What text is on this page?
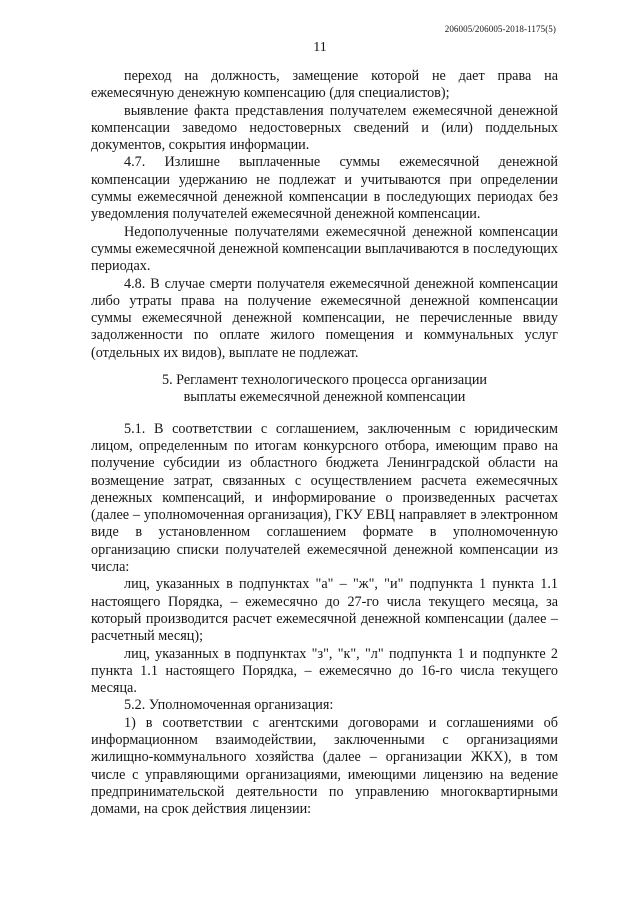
206005/206005-2018-1175(5)
11

переход на должность, замещение которой не дает права на ежемесячную денежную компенсацию (для специалистов);

выявление факта представления получателем ежемесячной денежной компенсации заведомо недостоверных сведений и (или) поддельных документов, сокрытия информации.

4.7. Излишне выплаченные суммы ежемесячной денежной компенсации удержанию не подлежат и учитываются при определении суммы ежемесячной денежной компенсации в последующих периодах без уведомления получателей ежемесячной денежной компенсации.

Недополученные получателями ежемесячной денежной компенсации суммы ежемесячной денежной компенсации выплачиваются в последующих периодах.

4.8. В случае смерти получателя ежемесячной денежной компенсации либо утраты права на получение ежемесячной денежной компенсации суммы ежемесячной денежной компенсации, не перечисленные ввиду задолженности по оплате жилого помещения и коммунальных услуг (отдельных их видов), выплате не подлежат.

5. Регламент технологического процесса организации
выплаты ежемесячной денежной компенсации

5.1. В соответствии с соглашением, заключенным с юридическим лицом, определенным по итогам конкурсного отбора, имеющим право на получение субсидии из областного бюджета Ленинградской области на возмещение затрат, связанных с осуществлением расчета ежемесячных денежных компенсаций, и информирование о произведенных расчетах (далее – уполномоченная организация), ГКУ ЕВЦ направляет в электронном виде в установленном соглашением формате в уполномоченную организацию списки получателей ежемесячной денежной компенсации из числа:

лиц, указанных в подпунктах "а" – "ж", "и" подпункта 1 пункта 1.1 настоящего Порядка, – ежемесячно до 27-го числа текущего месяца, за который производится расчет ежемесячной денежной компенсации (далее – расчетный месяц);

лиц, указанных в подпунктах "з", "к", "л" подпункта 1 и подпункте 2 пункта 1.1 настоящего Порядка, – ежемесячно до 16-го числа текущего месяца.

5.2. Уполномоченная организация:

1) в соответствии с агентскими договорами и соглашениями об информационном взаимодействии, заключенными с организациями жилищно-коммунального хозяйства (далее – организации ЖКХ), в том числе с управляющими организациями, имеющими лицензию на ведение предпринимательской деятельности по управлению многоквартирными домами, на срок действия лицензии:
